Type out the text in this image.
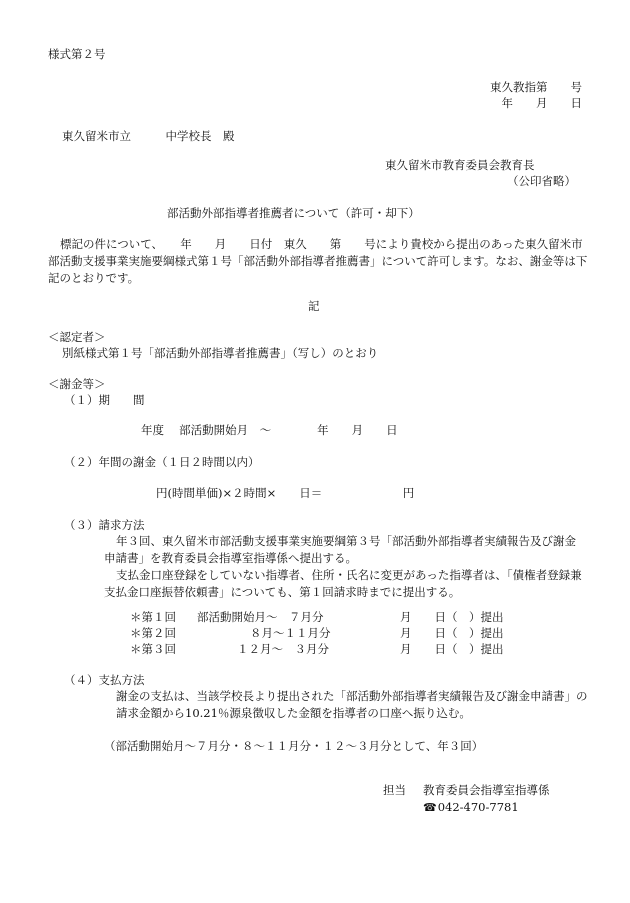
様式第２号
東久教指第　　号
年　　月　　日
東久留米市立　　　中学校長　殿
東久留米市教育委員会教育長
（公印省略）
部活動外部指導者推薦者について（許可・却下）
標記の件について、　　年　　月　　日付　東久　　第　　号により貴校から提出のあった東久留米市部活動支援事業実施要綱様式第１号「部活動外部指導者推薦書」について許可します。なお、謝金等は下記のとおりです。
記
＜認定者＞
別紙様式第１号「部活動外部指導者推薦書」（写し）のとおり
＜謝金等＞
（１）期　　間
年度　 部活動開始月　～　　　　年　　月　　日
（２）年間の謝金（１日２時間以内）
円(時間単価)×２時間×　　日＝　　　　　　　円
（３）請求方法
年３回、東久留米市部活動支援事業実施要綱第３号「部活動外部指導者実績報告及び謝金申請書」を教育委員会指導室指導係へ提出する。
支払金口座登録をしていない指導者、住所・氏名に変更があった指導者は、「債権者登録兼支払金口座振替依頼書」についても、第１回請求時までに提出する。
＊第１回 部活動開始月～　７月分	月　　日（　）提出
＊第２回	８月～１１月分	月　　日（　）提出
＊第３回	１２月～　３月分	月　　日（　）提出
（４）支払方法
謝金の支払は、当該学校長より提出された「部活動外部指導者実績報告及び謝金申請書」の請求金額から10.21％源泉徴収した金額を指導者の口座へ振り込む。
（部活動開始月～７月分・８～１１月分・１２～３月分として、年３回）
担当 教育委員会指導室指導係
☎042-470-7781
